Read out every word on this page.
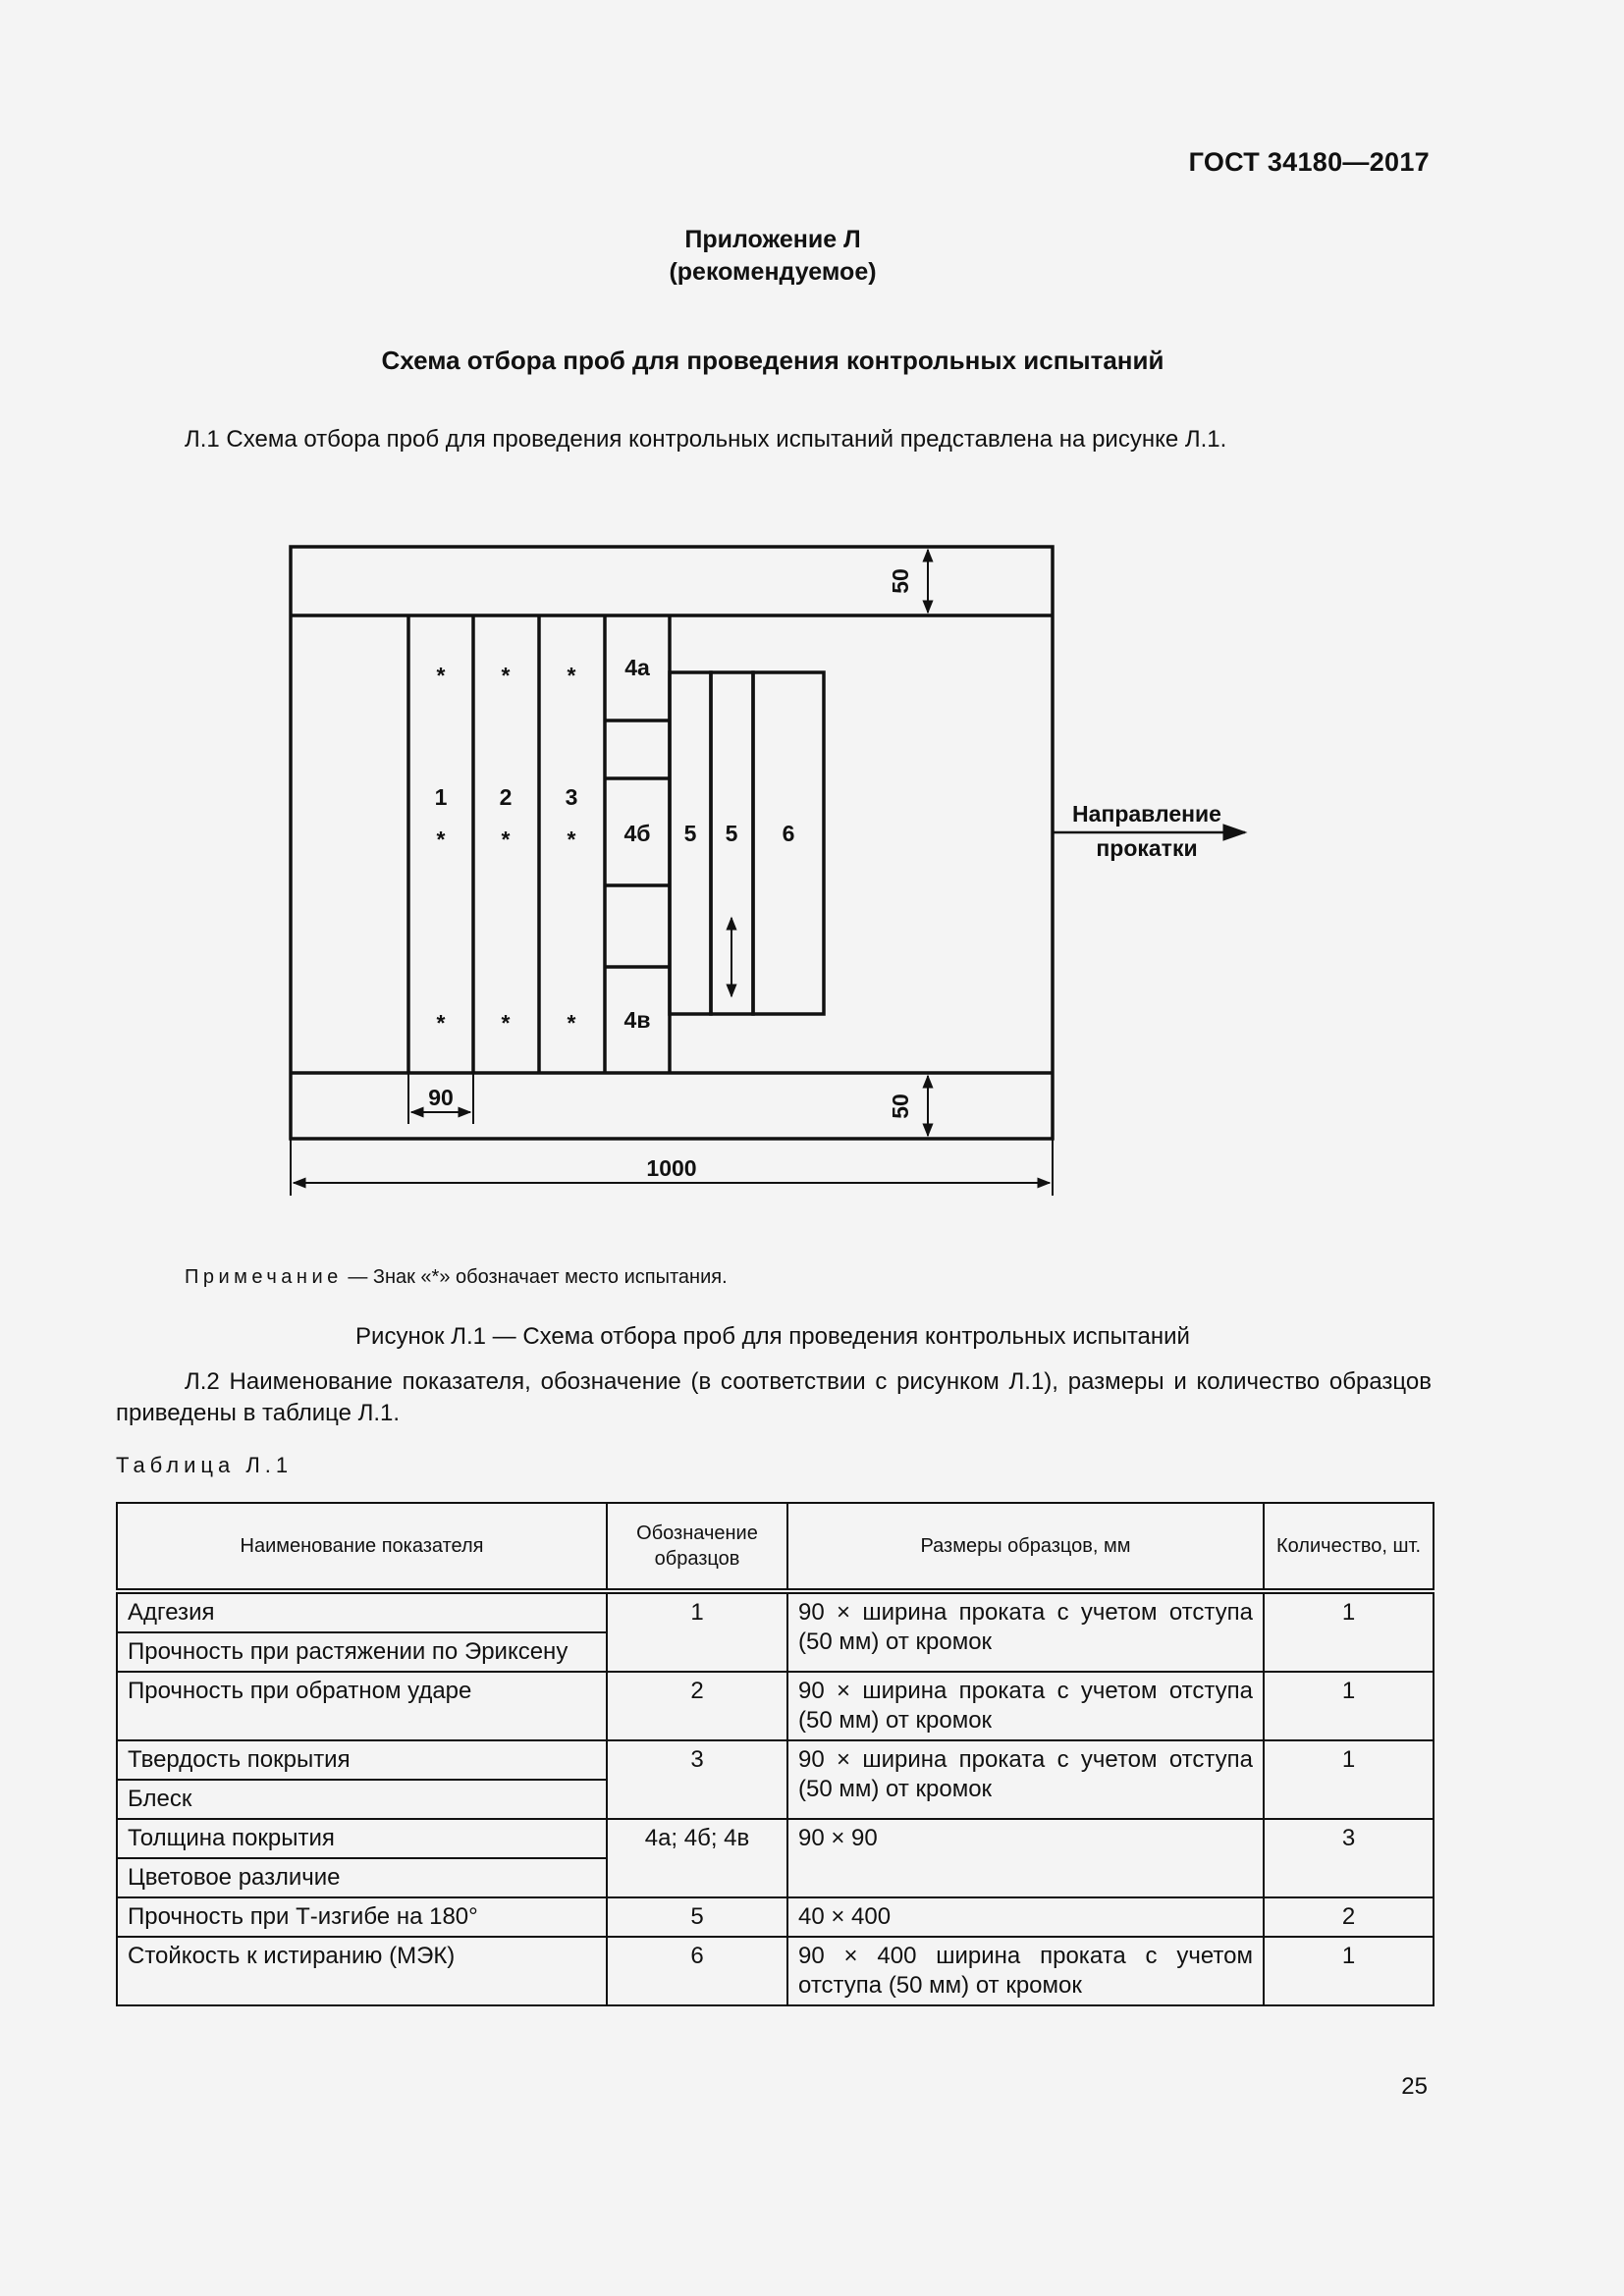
ГОСТ 34180—2017
Приложение Л
(рекомендуемое)
Схема отбора проб для проведения контрольных испытаний
Л.1 Схема отбора проб для проведения контрольных испытаний представлена на рисунке Л.1.
* *	*
* *	*
* *	*
1 2 3
4а
4б
4в
5 5 6
90
1000
Направление
прокатки
50
50
Примечание — Знак «*» обозначает место испытания.
Рисунок Л.1 — Схема отбора проб для проведения контрольных испытаний
Л.2 Наименование показателя, обозначение (в соответствии с рисунком Л.1), размеры и количество образцов приведены в таблице Л.1.
Таблица Л.1
Наименование показателя	Обозначение образцов	Размеры образцов, мм	Количество, шт.
Адгезия	1	90 × ширина проката с учетом отступа (50 мм) от кромок	1
Прочность при растяжении по Эриксену			
Прочность при обратном ударе	2	90 × ширина проката с учетом отступа (50 мм) от кромок	1
Твердость покрытия	3	90 × ширина проката с учетом отступа (50 мм) от кромок	1
Блеск			
Толщина покрытия	4а; 4б; 4в	90 × 90	3
Цветовое различие			
Прочность при Т-изгибе на 180°	5	40 × 400	2
Стойкость к истиранию (МЭК)	6	90 × 400 ширина проката с учетом отступа (50 мм) от кромок	1
25
